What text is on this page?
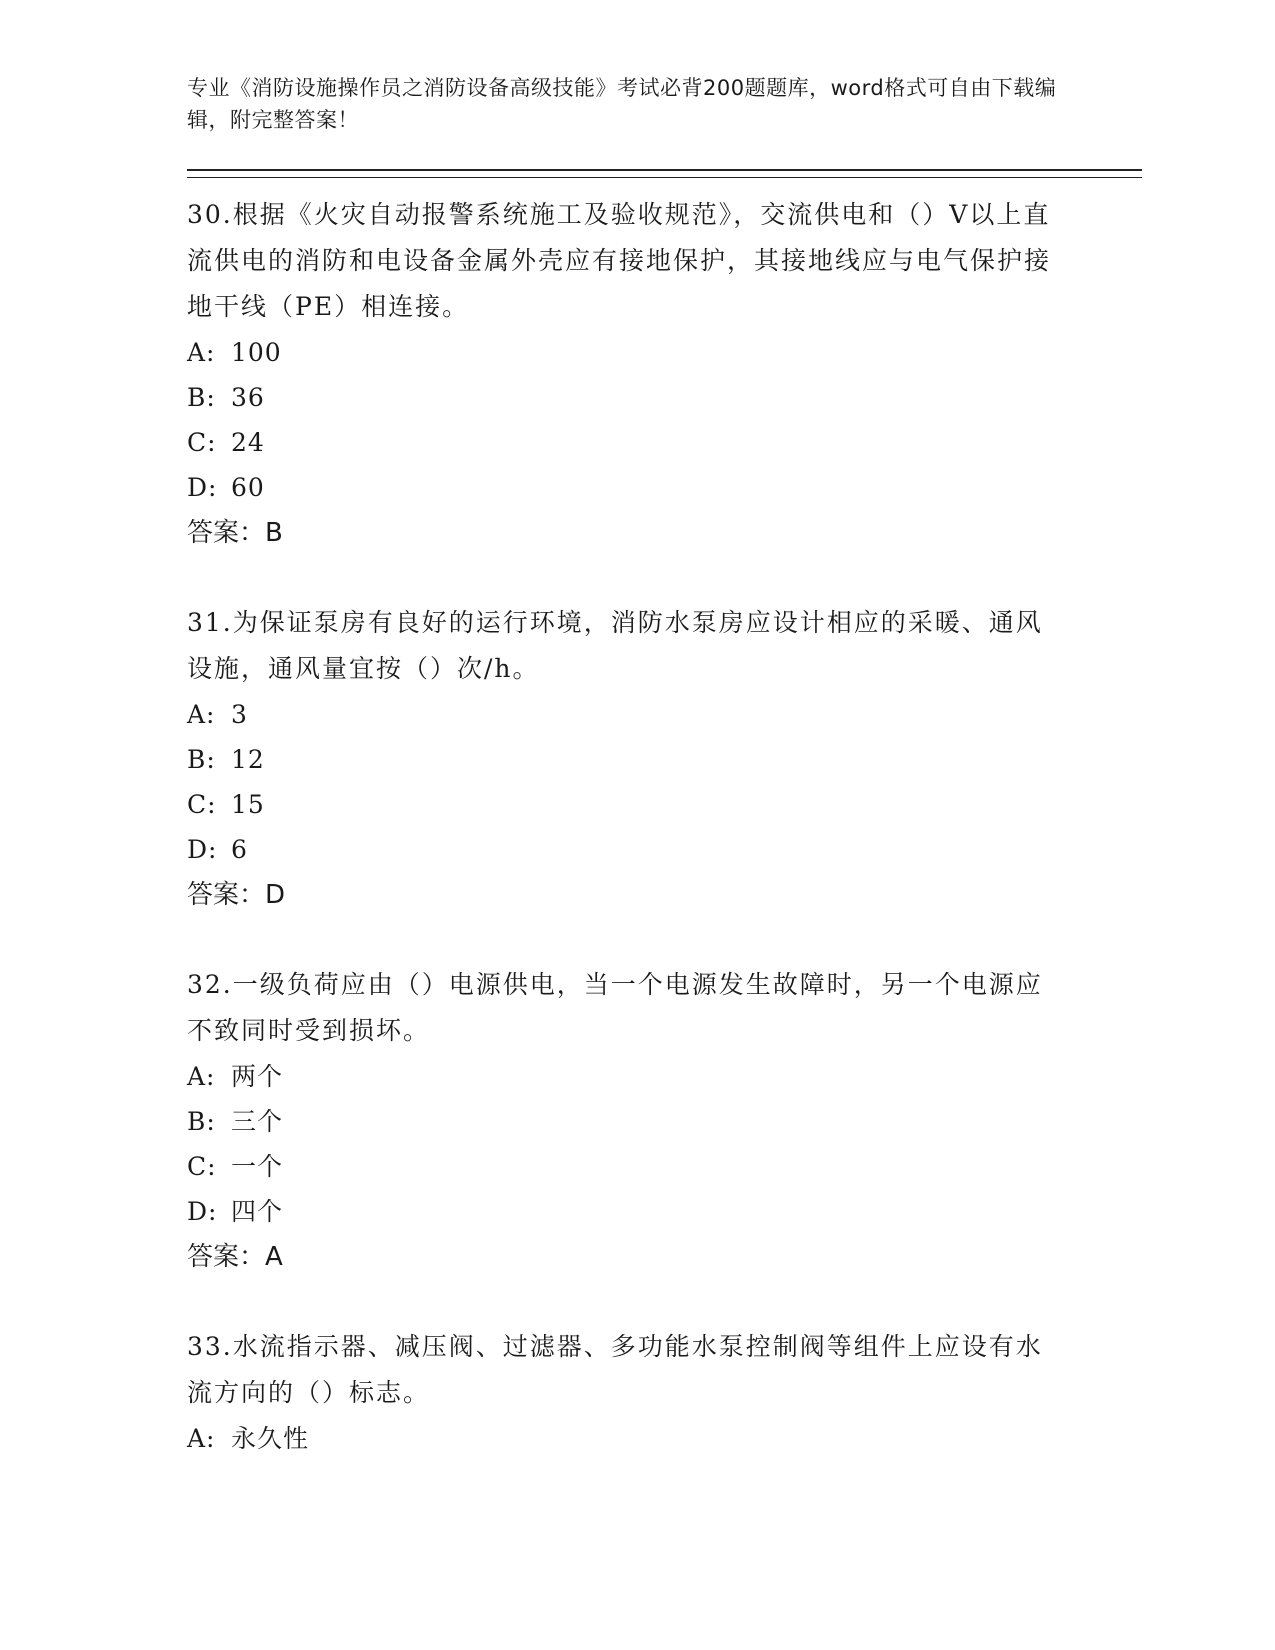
专业《消防设施操作员之消防设备高级技能》考试必背200题题库，word格式可自由下载编辑，附完整答案！

30.根据《火灾自动报警系统施工及验收规范》，交流供电和（）V以上直流供电的消防和电设备金属外壳应有接地保护，其接地线应与电气保护接地干线（PE）相连接。

A: 100

B: 36

C: 24

D: 60

答案：B

31.为保证泵房有良好的运行环境，消防水泵房应设计相应的采暖、通风设施，通风量宜按（）次/h。

A: 3

B: 12

C: 15

D: 6

答案：D

32.一级负荷应由（）电源供电，当一个电源发生故障时，另一个电源应不致同时受到损坏。

A: 两个

B: 三个

C: 一个

D: 四个

答案：A

33.水流指示器、减压阀、过滤器、多功能水泵控制阀等组件上应设有水流方向的（）标志。

A: 永久性
